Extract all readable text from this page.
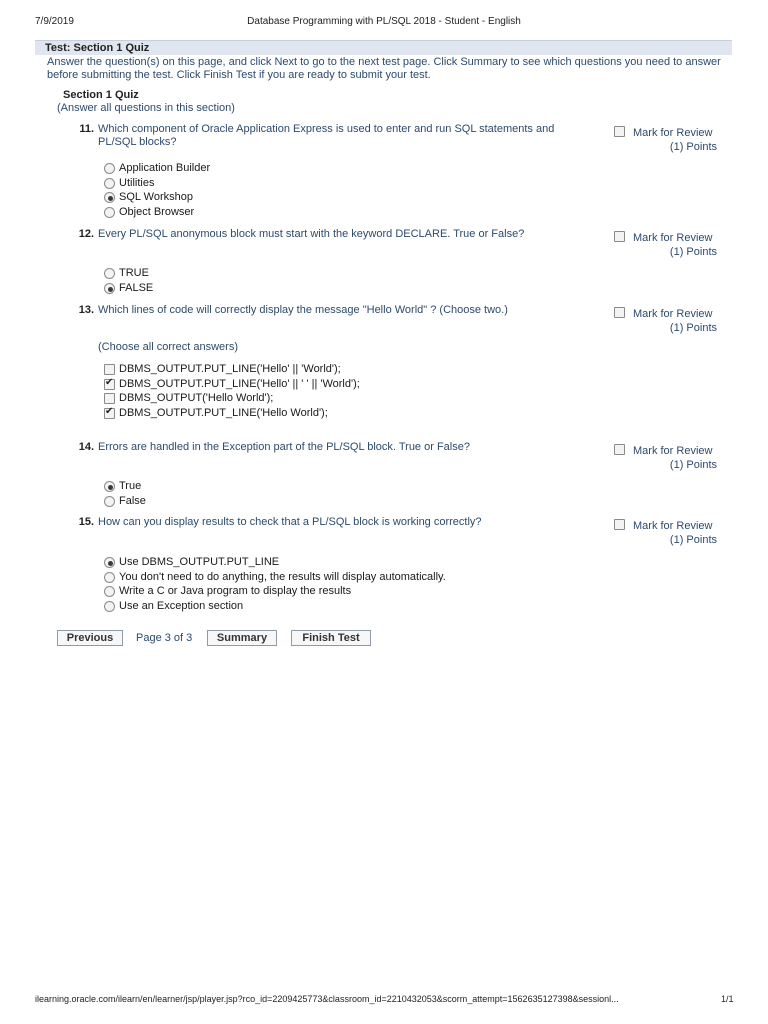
7/9/2019	Database Programming with PL/SQL 2018 - Student - English
Test: Section 1 Quiz
Answer the question(s) on this page, and click Next to go to the next test page. Click Summary to see which questions you need to answer before submitting the test. Click Finish Test if you are ready to submit your test.
Section 1 Quiz
(Answer all questions in this section)
11. Which component of Oracle Application Express is used to enter and run SQL statements and PL/SQL blocks?
Mark for Review
(1) Points
Application Builder
Utilities
SQL Workshop
Object Browser
12. Every PL/SQL anonymous block must start with the keyword DECLARE. True or False?	Mark for Review
(1) Points
TRUE
FALSE
13. Which lines of code will correctly display the message "Hello World" ? (Choose two.)	Mark for Review
(1) Points
(Choose all correct answers)
DBMS_OUTPUT.PUT_LINE('Hello' || 'World');
✔ DBMS_OUTPUT.PUT_LINE('Hello' || ' ' || 'World');
DBMS_OUTPUT('Hello World');
✔ DBMS_OUTPUT.PUT_LINE('Hello World');
14. Errors are handled in the Exception part of the PL/SQL block. True or False?	Mark for Review
(1) Points
True
False
15. How can you display results to check that a PL/SQL block is working correctly?	Mark for Review
(1) Points
Use DBMS_OUTPUT.PUT_LINE
You don't need to do anything, the results will display automatically.
Write a C or Java program to display the results
Use an Exception section
Previous	Page 3 of 3	Summary	Finish Test
ilearning.oracle.com/ilearn/en/learner/jsp/player.jsp?rco_id=2209425773&classroom_id=2210432053&scorm_attempt=1562635127398&sessionl...	1/1
